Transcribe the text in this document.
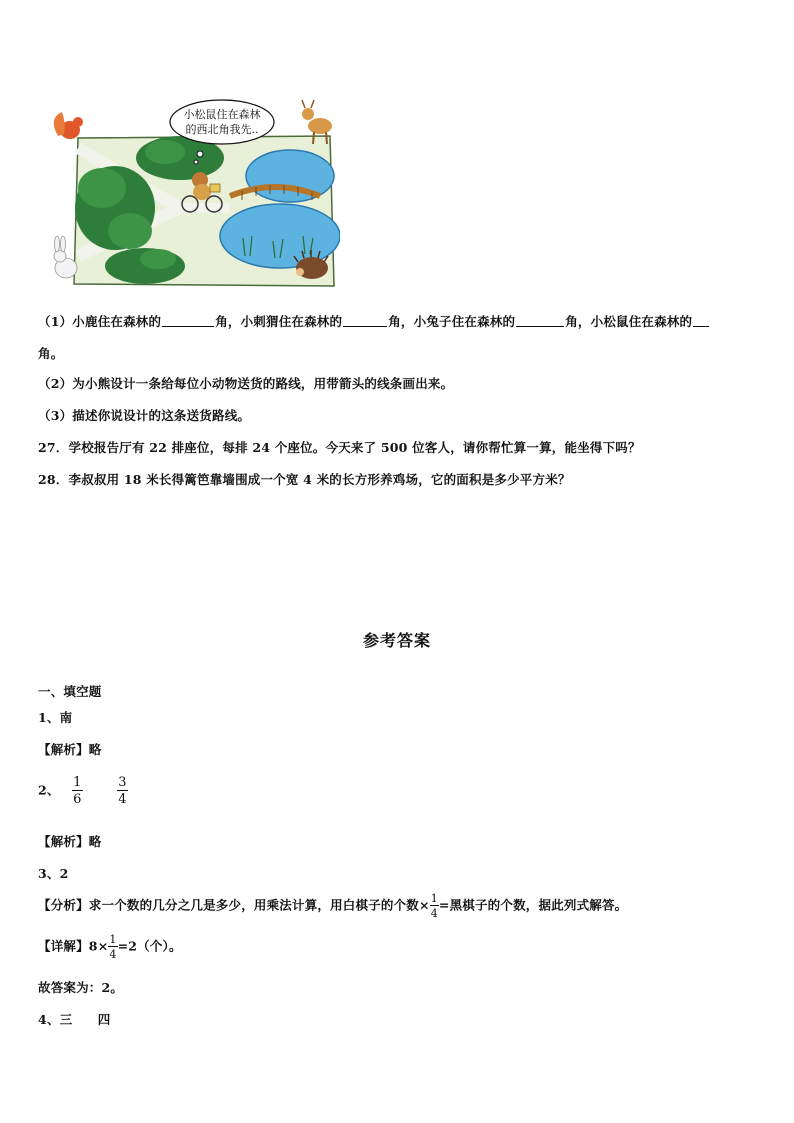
小松鼠住在森林
的西北角我先..
（1）小鹿住在森林的	角，小刺猬住在森林的	角，小兔子住在森林的	角，小松鼠住在森林的
角。
（2）为小熊设计一条给每位小动物送货的路线，用带箭头的线条画出来。
（3）描述你说设计的这条送货路线。
27．学校报告厅有 22 排座位，每排 24 个座位。今天来了 500 位客人，请你帮忙算一算，能坐得下吗？
28．李叔叔用 18 米长得篱笆靠墙围成一个宽 4 米的长方形养鸡场，它的面积是多少平方米？
参考答案
一、填空题
1、南
【解析】略
2、 $\frac{1}{6}$
	$\frac{3}{4}$
【解析】略
3、2
【分析】求一个数的几分之几是多少，用乘法计算，用白棋子的个数× $\frac{1}{4}$ =黑棋子的个数，据此列式解答。
【详解】$8\times \frac{1}{4} =2$（个）。
故答案为：2。
4、三　　四
